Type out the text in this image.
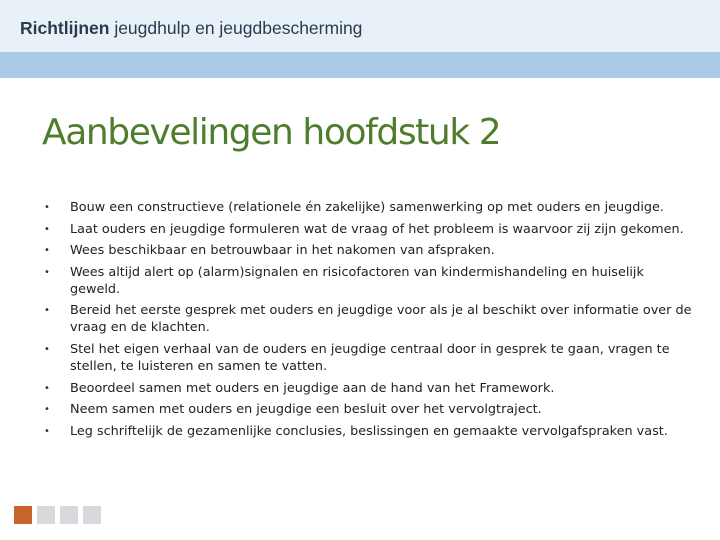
Richtlijnen jeugdhulp en jeugdbescherming
Aanbevelingen hoofdstuk 2
• Bouw een constructieve (relationele én zakelijke) samenwerking op met ouders en jeugdige.
• Laat ouders en jeugdige formuleren wat de vraag of het probleem is waarvoor zij zijn gekomen.
• Wees beschikbaar en betrouwbaar in het nakomen van afspraken.
• Wees altijd alert op (alarm)signalen en risicofactoren van kindermishandeling en huiselijk geweld.
• Bereid het eerste gesprek met ouders en jeugdige voor als je al beschikt over informatie over de vraag en de klachten.
• Stel het eigen verhaal van de ouders en jeugdige centraal door in gesprek te gaan, vragen te stellen, te luisteren en samen te vatten.
• Beoordeel samen met ouders en jeugdige aan de hand van het Framework.
• Neem samen met ouders en jeugdige een besluit over het vervolgtraject.
• Leg schriftelijk de gezamenlijke conclusies, beslissingen en gemaakte vervolgafspraken vast.
